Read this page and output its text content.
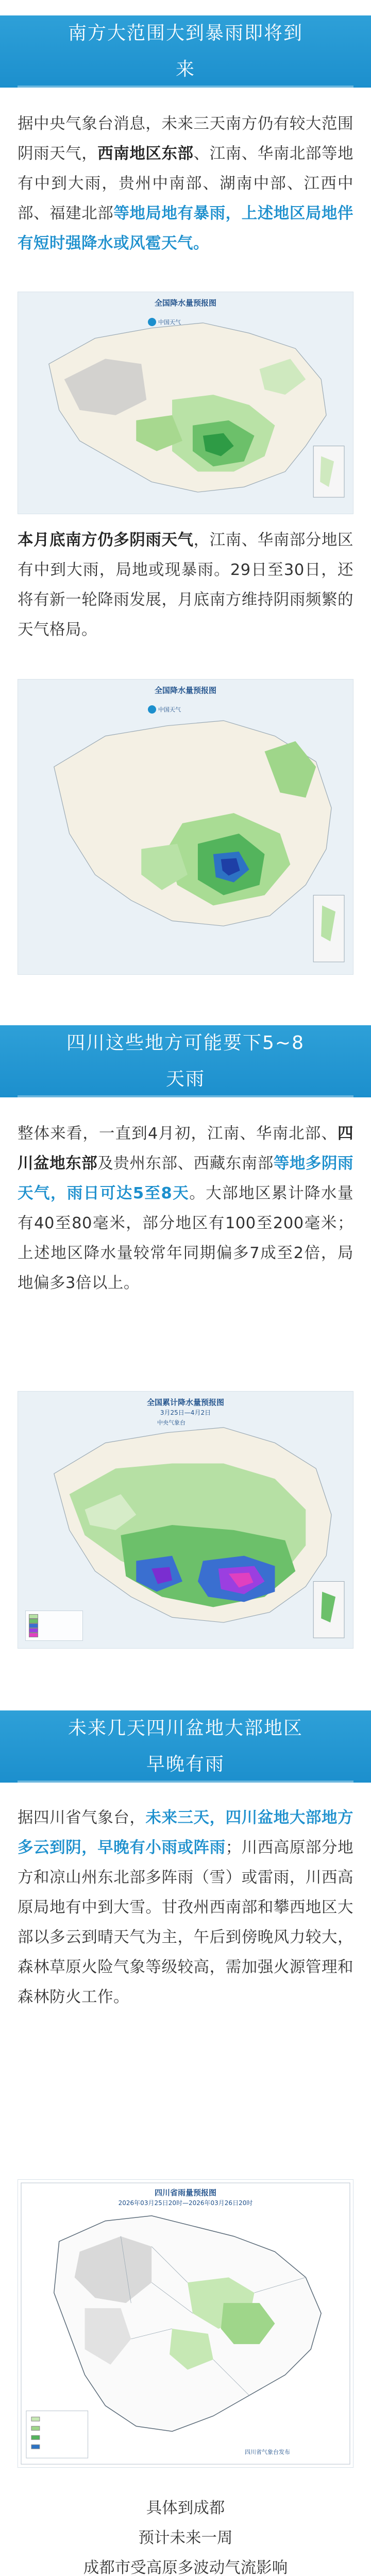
南方大范围大到暴雨即将到
来
据中央气象台消息，未来三天南方仍有较大范围阴雨天气，西南地区东部、江南、华南北部等地有中到大雨，贵州中南部、湖南中部、江西中部、福建北部等地局地有暴雨，上述地区局地伴有短时强降水或风雹天气。
全国降水量预报图
中国天气
本月底南方仍多阴雨天气，江南、华南部分地区有中到大雨，局地或现暴雨。29日至30日，还将有新一轮降雨发展，月底南方维持阴雨频繁的天气格局。
全国降水量预报图
中国天气
四川这些地方可能要下5~8
天雨
整体来看，一直到4月初，江南、华南北部、四川盆地东部及贵州东部、西藏东南部等地多阴雨天气，雨日可达5至8天。大部地区累计降水量有40至80毫米，部分地区有100至200毫米；上述地区降水量较常年同期偏多7成至2倍，局地偏多3倍以上。
全国累计降水量预报图
3月25日—4月2日
中央气象台
未来几天四川盆地大部地区
早晚有雨
据四川省气象台，未来三天，四川盆地大部地方多云到阴，早晚有小雨或阵雨；川西高原部分地方和凉山州东北部多阵雨（雪）或雷雨，川西高原局地有中到大雪。甘孜州西南部和攀西地区大部以多云到晴天气为主，午后到傍晚风力较大，森林草原火险气象等级较高，需加强火源管理和森林防火工作。
四川省雨量预报图
2026年03月25日20时—2026年03月26日20时
四川省气象台发布
具体到成都
预计未来一周
成都市受高原多波动气流影响
